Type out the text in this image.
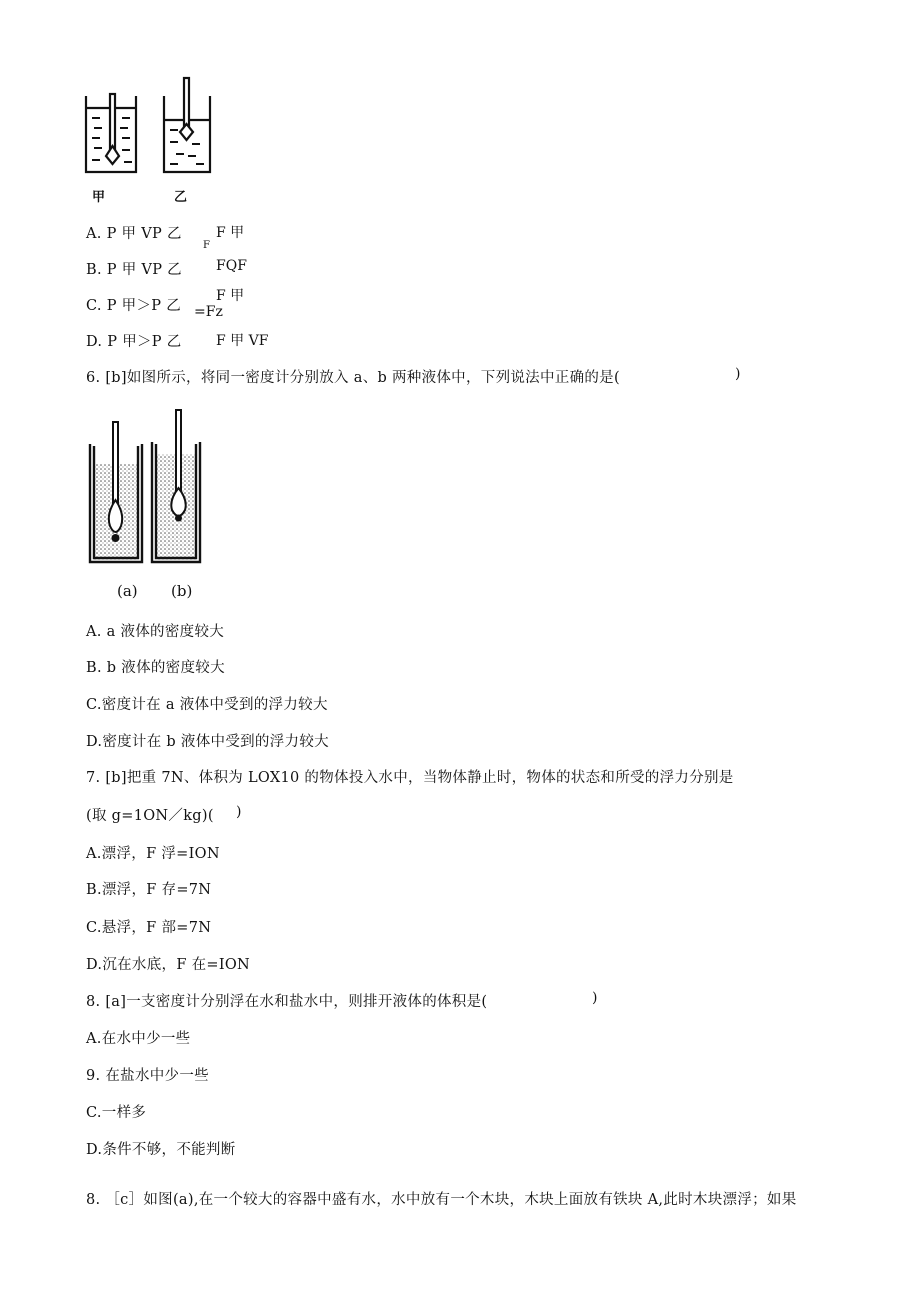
甲	乙
A. P 甲 VP 乙 F 甲
F
B. P 甲 VP 乙 FQF
C. P 甲＞P 乙
F 甲
=Fz
D. P 甲＞P 乙 F 甲 VF
6. [b]如图所示，将同一密度计分别放入 a、b 两种液体中，下列说法中正确的是(	)
(a) (b)
A. a 液体的密度较大
B. b 液体的密度较大
C.密度计在 a 液体中受到的浮力较大
D.密度计在 b 液体中受到的浮力较大
7. [b]把重 7N、体积为 LOX10 的物体投入水中，当物体静止时，物体的状态和所受的浮力分别是
(取 g=1ON／kg)( )
A.漂浮，F 浮=ION
B.漂浮，F 存=7N
C.悬浮，F 部=7N
D.沉在水底，F 在=ION
8. [a]一支密度计分别浮在水和盐水中，则排开液体的体积是(	)
A.在水中少一些
9. 在盐水中少一些
C.一样多
D.条件不够，不能判断
8. ［c］如图(a),在一个较大的容器中盛有水，水中放有一个木块，木块上面放有铁块 A,此时木块漂浮；如果
